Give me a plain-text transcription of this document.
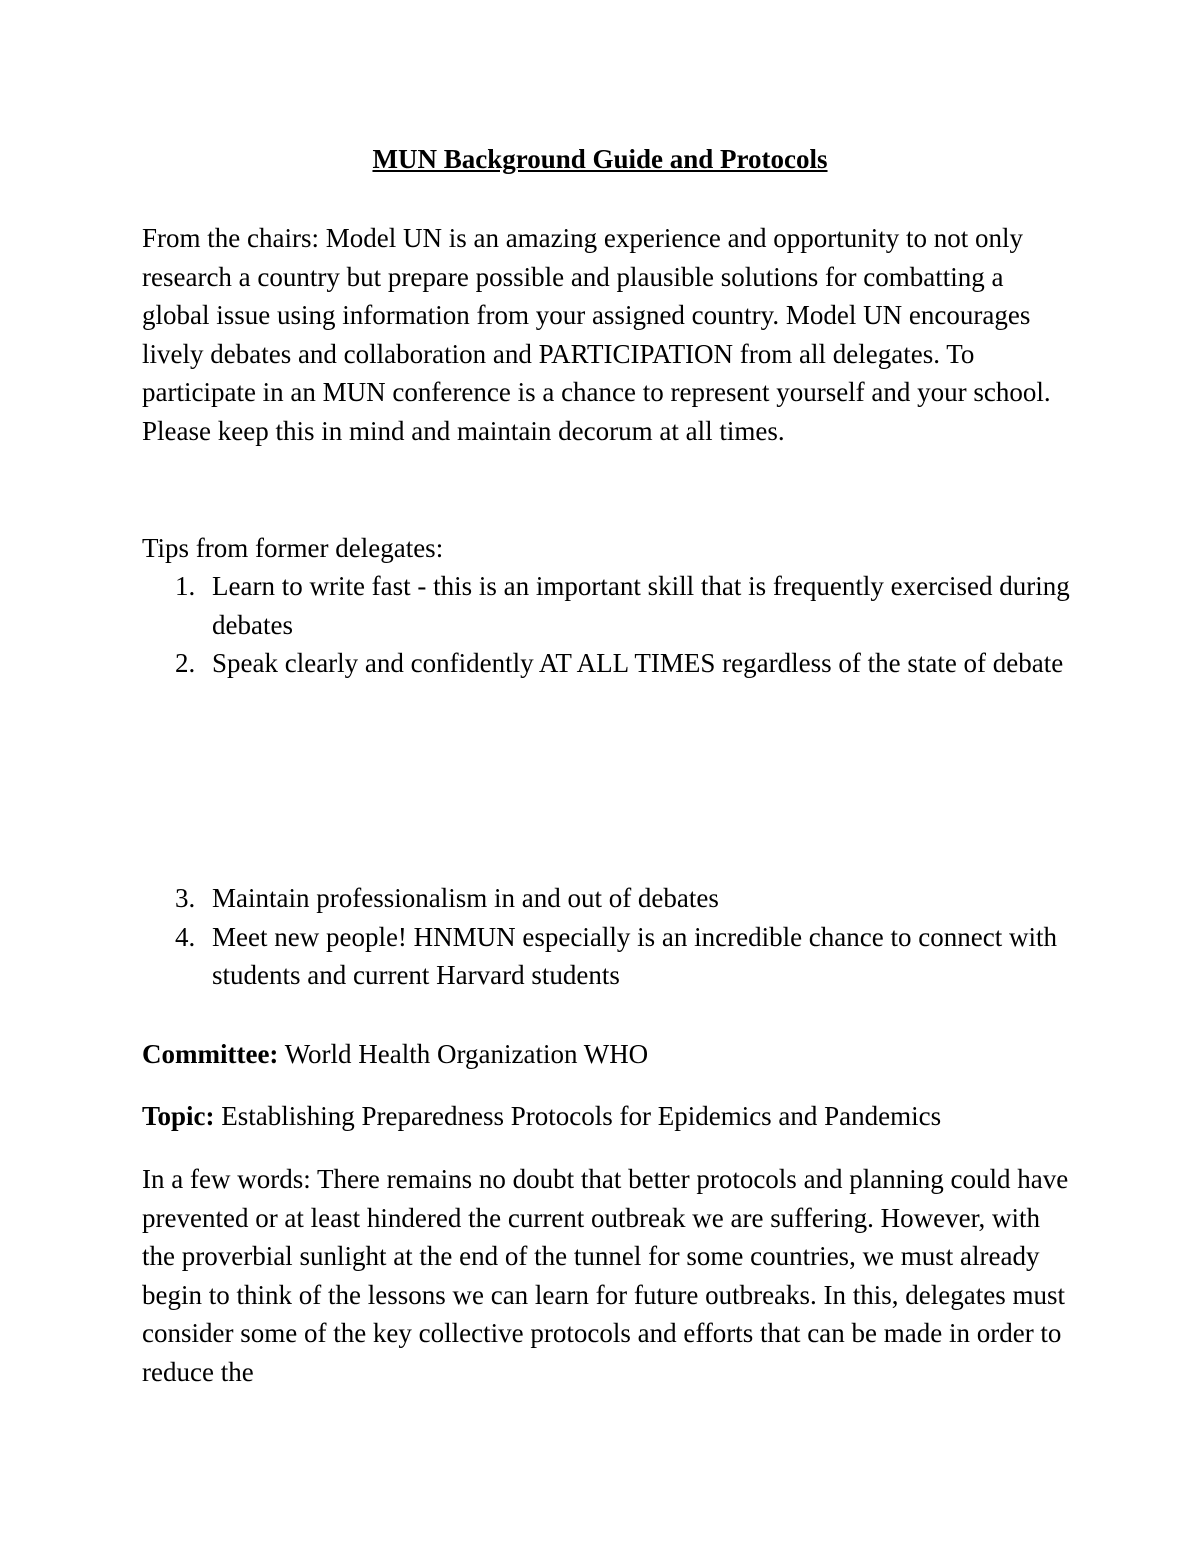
MUN Background Guide and Protocols

From the chairs: Model UN is an amazing experience and opportunity to not only research a country but prepare possible and plausible solutions for combatting a global issue using information from your assigned country. Model UN encourages lively debates and collaboration and PARTICIPATION from all delegates. To participate in an MUN conference is a chance to represent yourself and your school. Please keep this in mind and maintain decorum at all times.

Tips from former delegates:

1. Learn to write fast - this is an important skill that is frequently exercised during debates
2. Speak clearly and confidently AT ALL TIMES regardless of the state of debate
3. Maintain professionalism in and out of debates
4. Meet new people! HNMUN especially is an incredible chance to connect with students and current Harvard students

Committee: World Health Organization WHO

Topic: Establishing Preparedness Protocols for Epidemics and Pandemics

In a few words: There remains no doubt that better protocols and planning could have prevented or at least hindered the current outbreak we are suffering. However, with the proverbial sunlight at the end of the tunnel for some countries, we must already begin to think of the lessons we can learn for future outbreaks. In this, delegates must consider some of the key collective protocols and efforts that can be made in order to reduce the
